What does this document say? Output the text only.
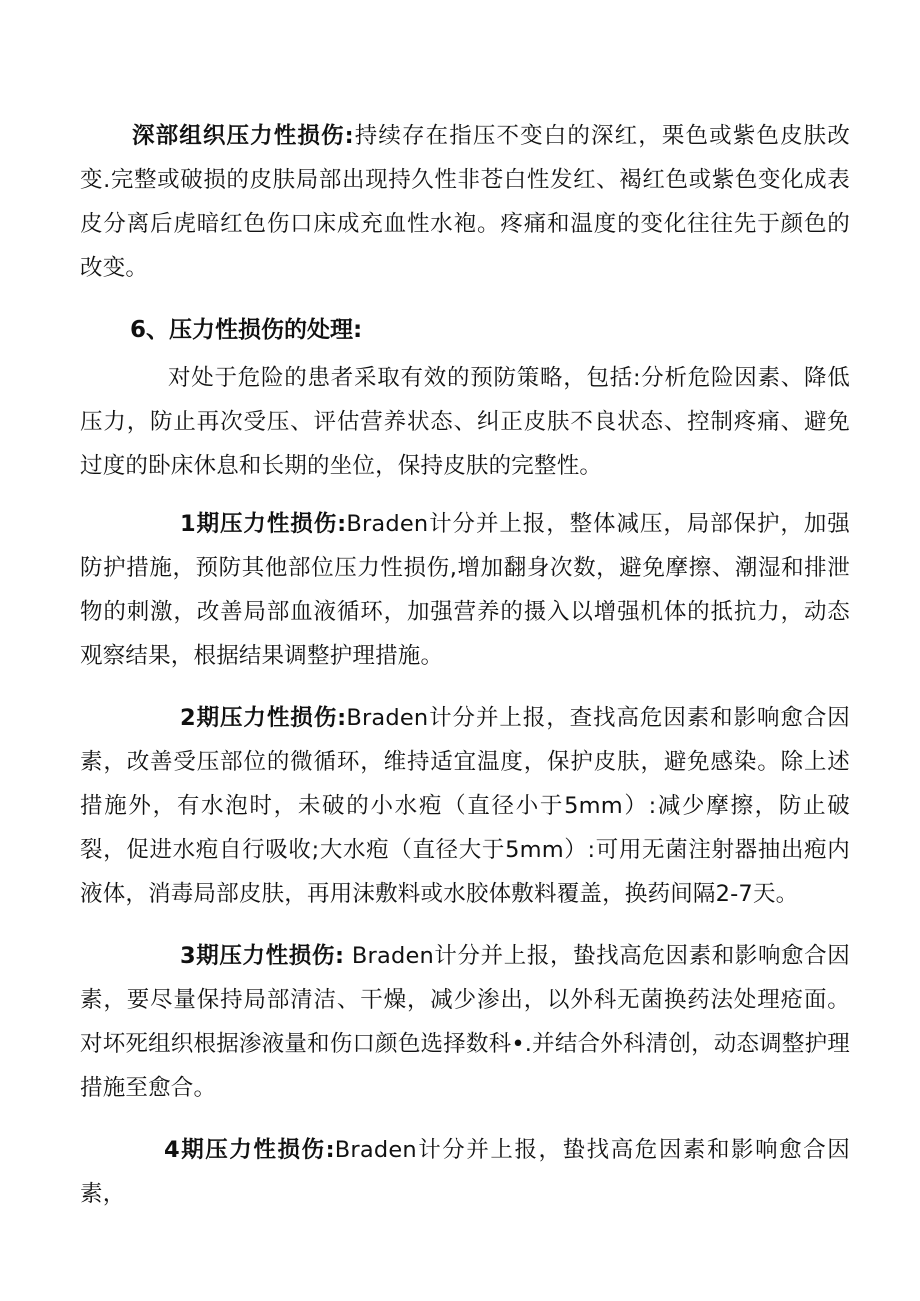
深部组织压力性损伤:持续存在指压不变白的深红，栗色或紫色皮肤改变.完整或破损的皮肤局部出现持久性非苍白性发红、褐红色或紫色变化成表皮分离后虎暗红色伤口床成充血性水袍。疼痛和温度的变化往往先于颜色的改变。

6、压力性损伤的处理:

对处于危险的患者采取有效的预防策略，包括:分析危险因素、降低压力，防止再次受压、评估营养状态、纠正皮肤不良状态、控制疼痛、避免过度的卧床休息和长期的坐位，保持皮肤的完整性。

1期压力性损伤:Braden计分并上报，整体减压，局部保护，加强防护措施，预防其他部位压力性损伤,增加翻身次数，避免摩擦、潮湿和排泄物的刺激，改善局部血液循环，加强营养的摄入以增强机体的抵抗力，动态观察结果，根据结果调整护理措施。

2期压力性损伤:Braden计分并上报，查找高危因素和影响愈合因素，改善受压部位的微循环，维持适宜温度，保护皮肤，避免感染。除上述措施外，有水泡时，未破的小水疱（直径小于5mm）:减少摩擦，防止破裂，促进水疱自行吸收;大水疱（直径大于5mm）:可用无菌注射器抽出疱内液体，消毒局部皮肤，再用沫敷料或水胶体敷料覆盖，换药间隔2-7天。

3期压力性损伤: Braden计分并上报，蛰找高危因素和影响愈合因素，要尽量保持局部清洁、干燥，减少渗出，以外科无菌换药法处理疮面。对坏死组织根据渗液量和伤口颜色选择数科•.并结合外科清创，动态调整护理措施至愈合。

4期压力性损伤:Braden计分并上报，蛰找高危因素和影响愈合因素，
